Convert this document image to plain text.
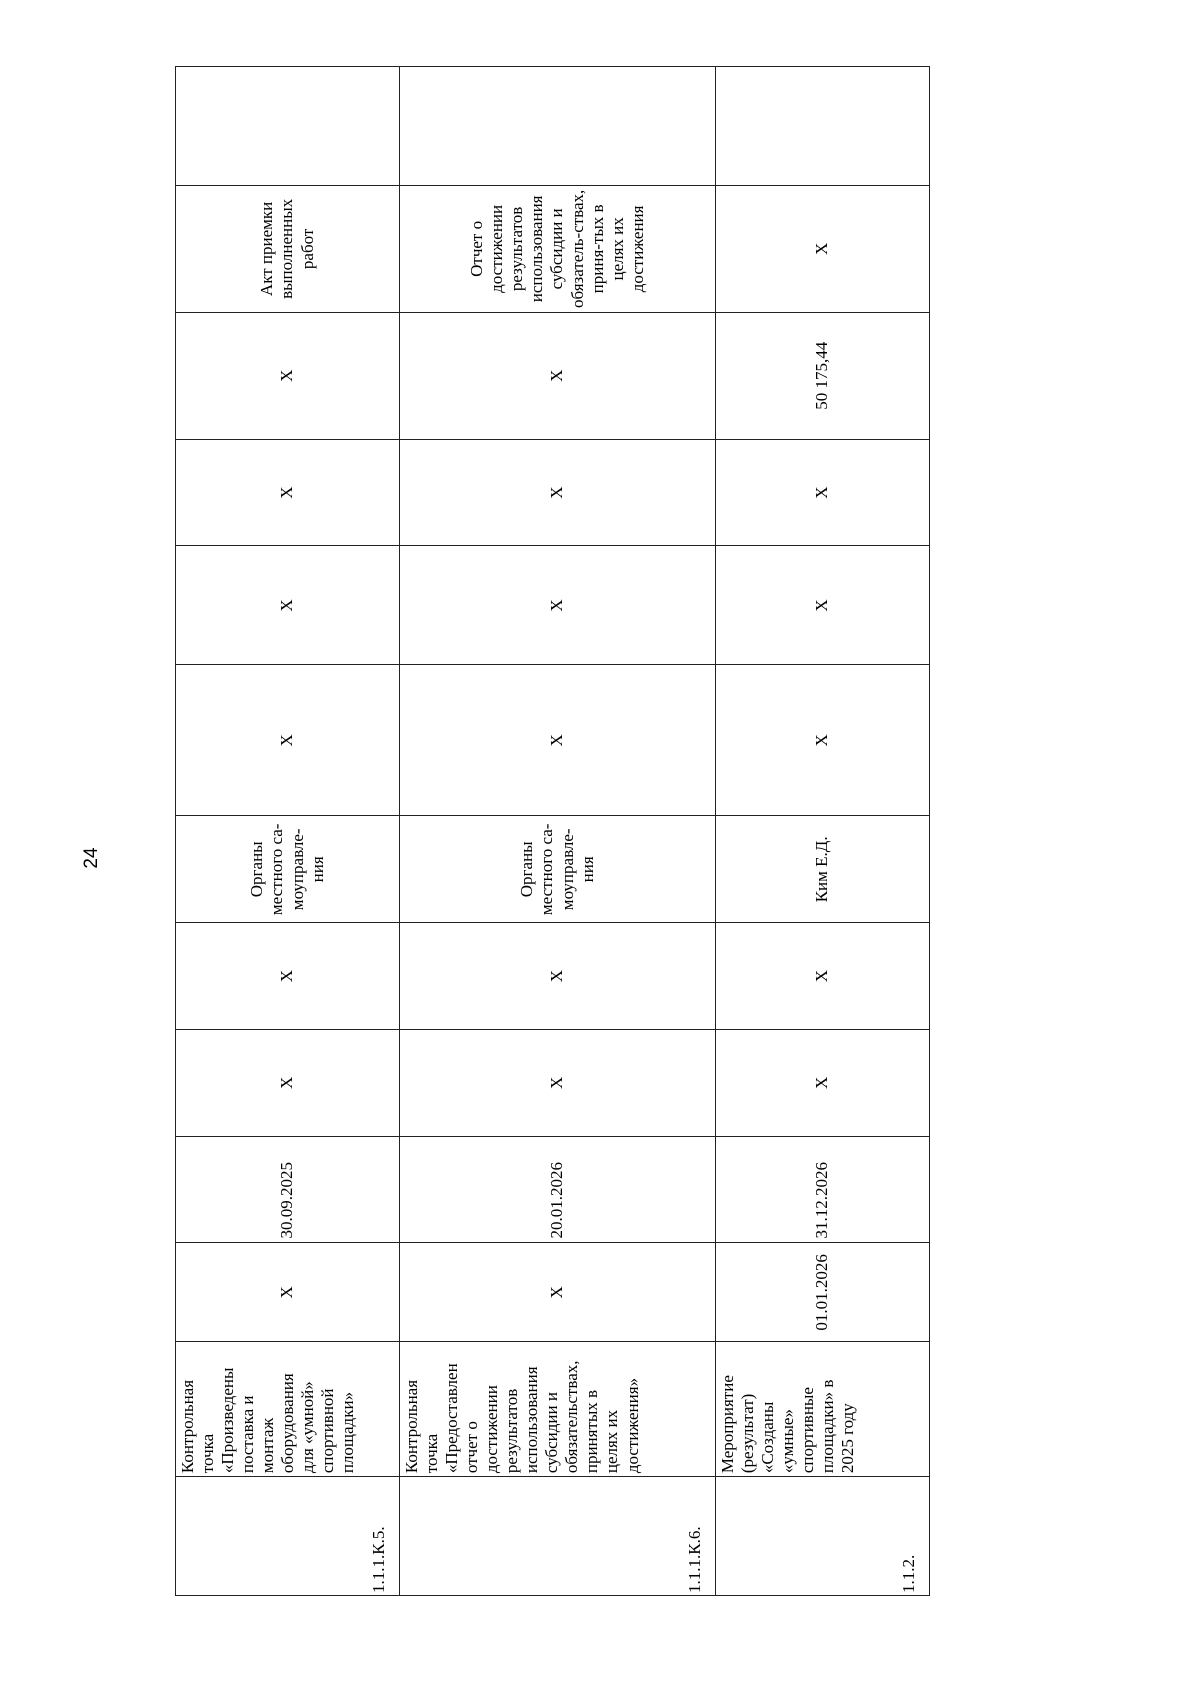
24
1.1.1.К.5.	Контрольная точка «Произведены поставка и монтаж оборудования для «умной» спортивной площадки»	X	30.09.2025	X	X	Органы местного са-моуправле-ния	X	X	X	X	Акт приемки выполненных работ	
1.1.1.К.6.	Контрольная точка «Предоставлен отчет о достижении результатов использования субсидии и обязательствах, принятых в целях их достижения»	X	20.01.2026	X	X	Органы местного са-моуправле-ния	X	X	X	X	Отчет о достижении результатов использования субсидии и обязатель-ствах, приня-тых в целях их достижения	
1.1.2.	Мероприятие (результат) «Созданы «умные» спортивные площадки» в 2025 году	01.01.2026	31.12.2026	X	X	Ким Е.Д.	X	X	X	50 175,44	X	
